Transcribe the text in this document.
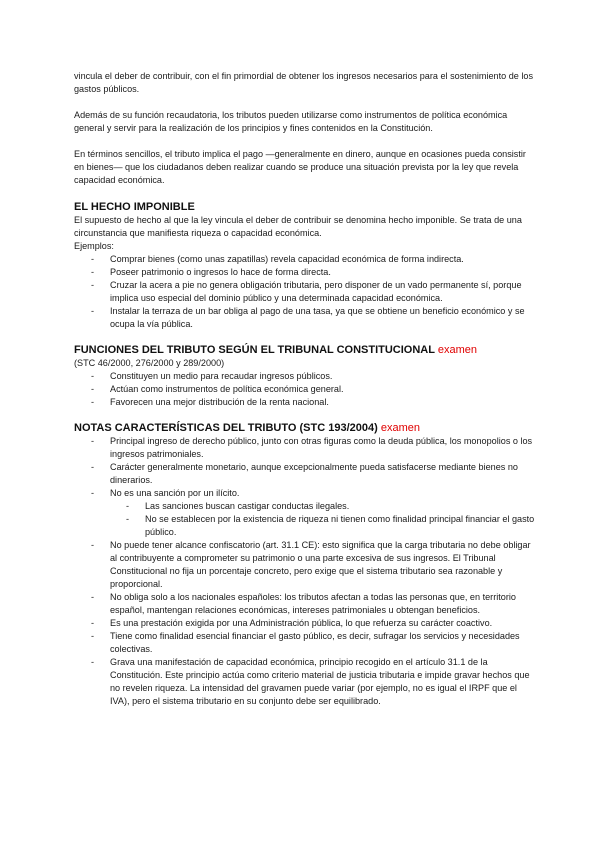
vincula el deber de contribuir, con el fin primordial de obtener los ingresos necesarios para el sostenimiento de los gastos públicos.

Además de su función recaudatoria, los tributos pueden utilizarse como instrumentos de política económica general y servir para la realización de los principios y fines contenidos en la Constitución.

En términos sencillos, el tributo implica el pago —generalmente en dinero, aunque en ocasiones pueda consistir en bienes— que los ciudadanos deben realizar cuando se produce una situación prevista por la ley que revela capacidad económica.

EL HECHO IMPONIBLE

El supuesto de hecho al que la ley vincula el deber de contribuir se denomina hecho imponible. Se trata de una circunstancia que manifiesta riqueza o capacidad económica.

Ejemplos:

- Comprar bienes (como unas zapatillas) revela capacidad económica de forma indirecta.
- Poseer patrimonio o ingresos lo hace de forma directa.
- Cruzar la acera a pie no genera obligación tributaria, pero disponer de un vado permanente sí, porque implica uso especial del dominio público y una determinada capacidad económica.
- Instalar la terraza de un bar obliga al pago de una tasa, ya que se obtiene un beneficio económico y se ocupa la vía pública.
FUNCIONES DEL TRIBUTO SEGÚN EL TRIBUNAL CONSTITUCIONAL examen

(STC 46/2000, 276/2000 y 289/2000)

- Constituyen un medio para recaudar ingresos públicos.
- Actúan como instrumentos de política económica general.
- Favorecen una mejor distribución de la renta nacional.
NOTAS CARACTERÍSTICAS DEL TRIBUTO (STC 193/2004) examen
- Principal ingreso de derecho público, junto con otras figuras como la deuda pública, los monopolios o los ingresos patrimoniales.
- Carácter generalmente monetario, aunque excepcionalmente pueda satisfacerse mediante bienes no dinerarios.
- No es una sanción por un ilícito.
- Las sanciones buscan castigar conductas ilegales.
- No se establecen por la existencia de riqueza ni tienen como finalidad principal financiar el gasto público.
- No puede tener alcance confiscatorio (art. 31.1 CE): esto significa que la carga tributaria no debe obligar al contribuyente a comprometer su patrimonio o una parte excesiva de sus ingresos. El Tribunal Constitucional no fija un porcentaje concreto, pero exige que el sistema tributario sea razonable y proporcional.
- No obliga solo a los nacionales españoles: los tributos afectan a todas las personas que, en territorio español, mantengan relaciones económicas, intereses patrimoniales u obtengan beneficios.
- Es una prestación exigida por una Administración pública, lo que refuerza su carácter coactivo.
- Tiene como finalidad esencial financiar el gasto público, es decir, sufragar los servicios y necesidades colectivas.
- Grava una manifestación de capacidad económica, principio recogido en el artículo 31.1 de la Constitución. Este principio actúa como criterio material de justicia tributaria e impide gravar hechos que no revelen riqueza. La intensidad del gravamen puede variar (por ejemplo, no es igual el IRPF que el IVA), pero el sistema tributario en su conjunto debe ser equilibrado.
